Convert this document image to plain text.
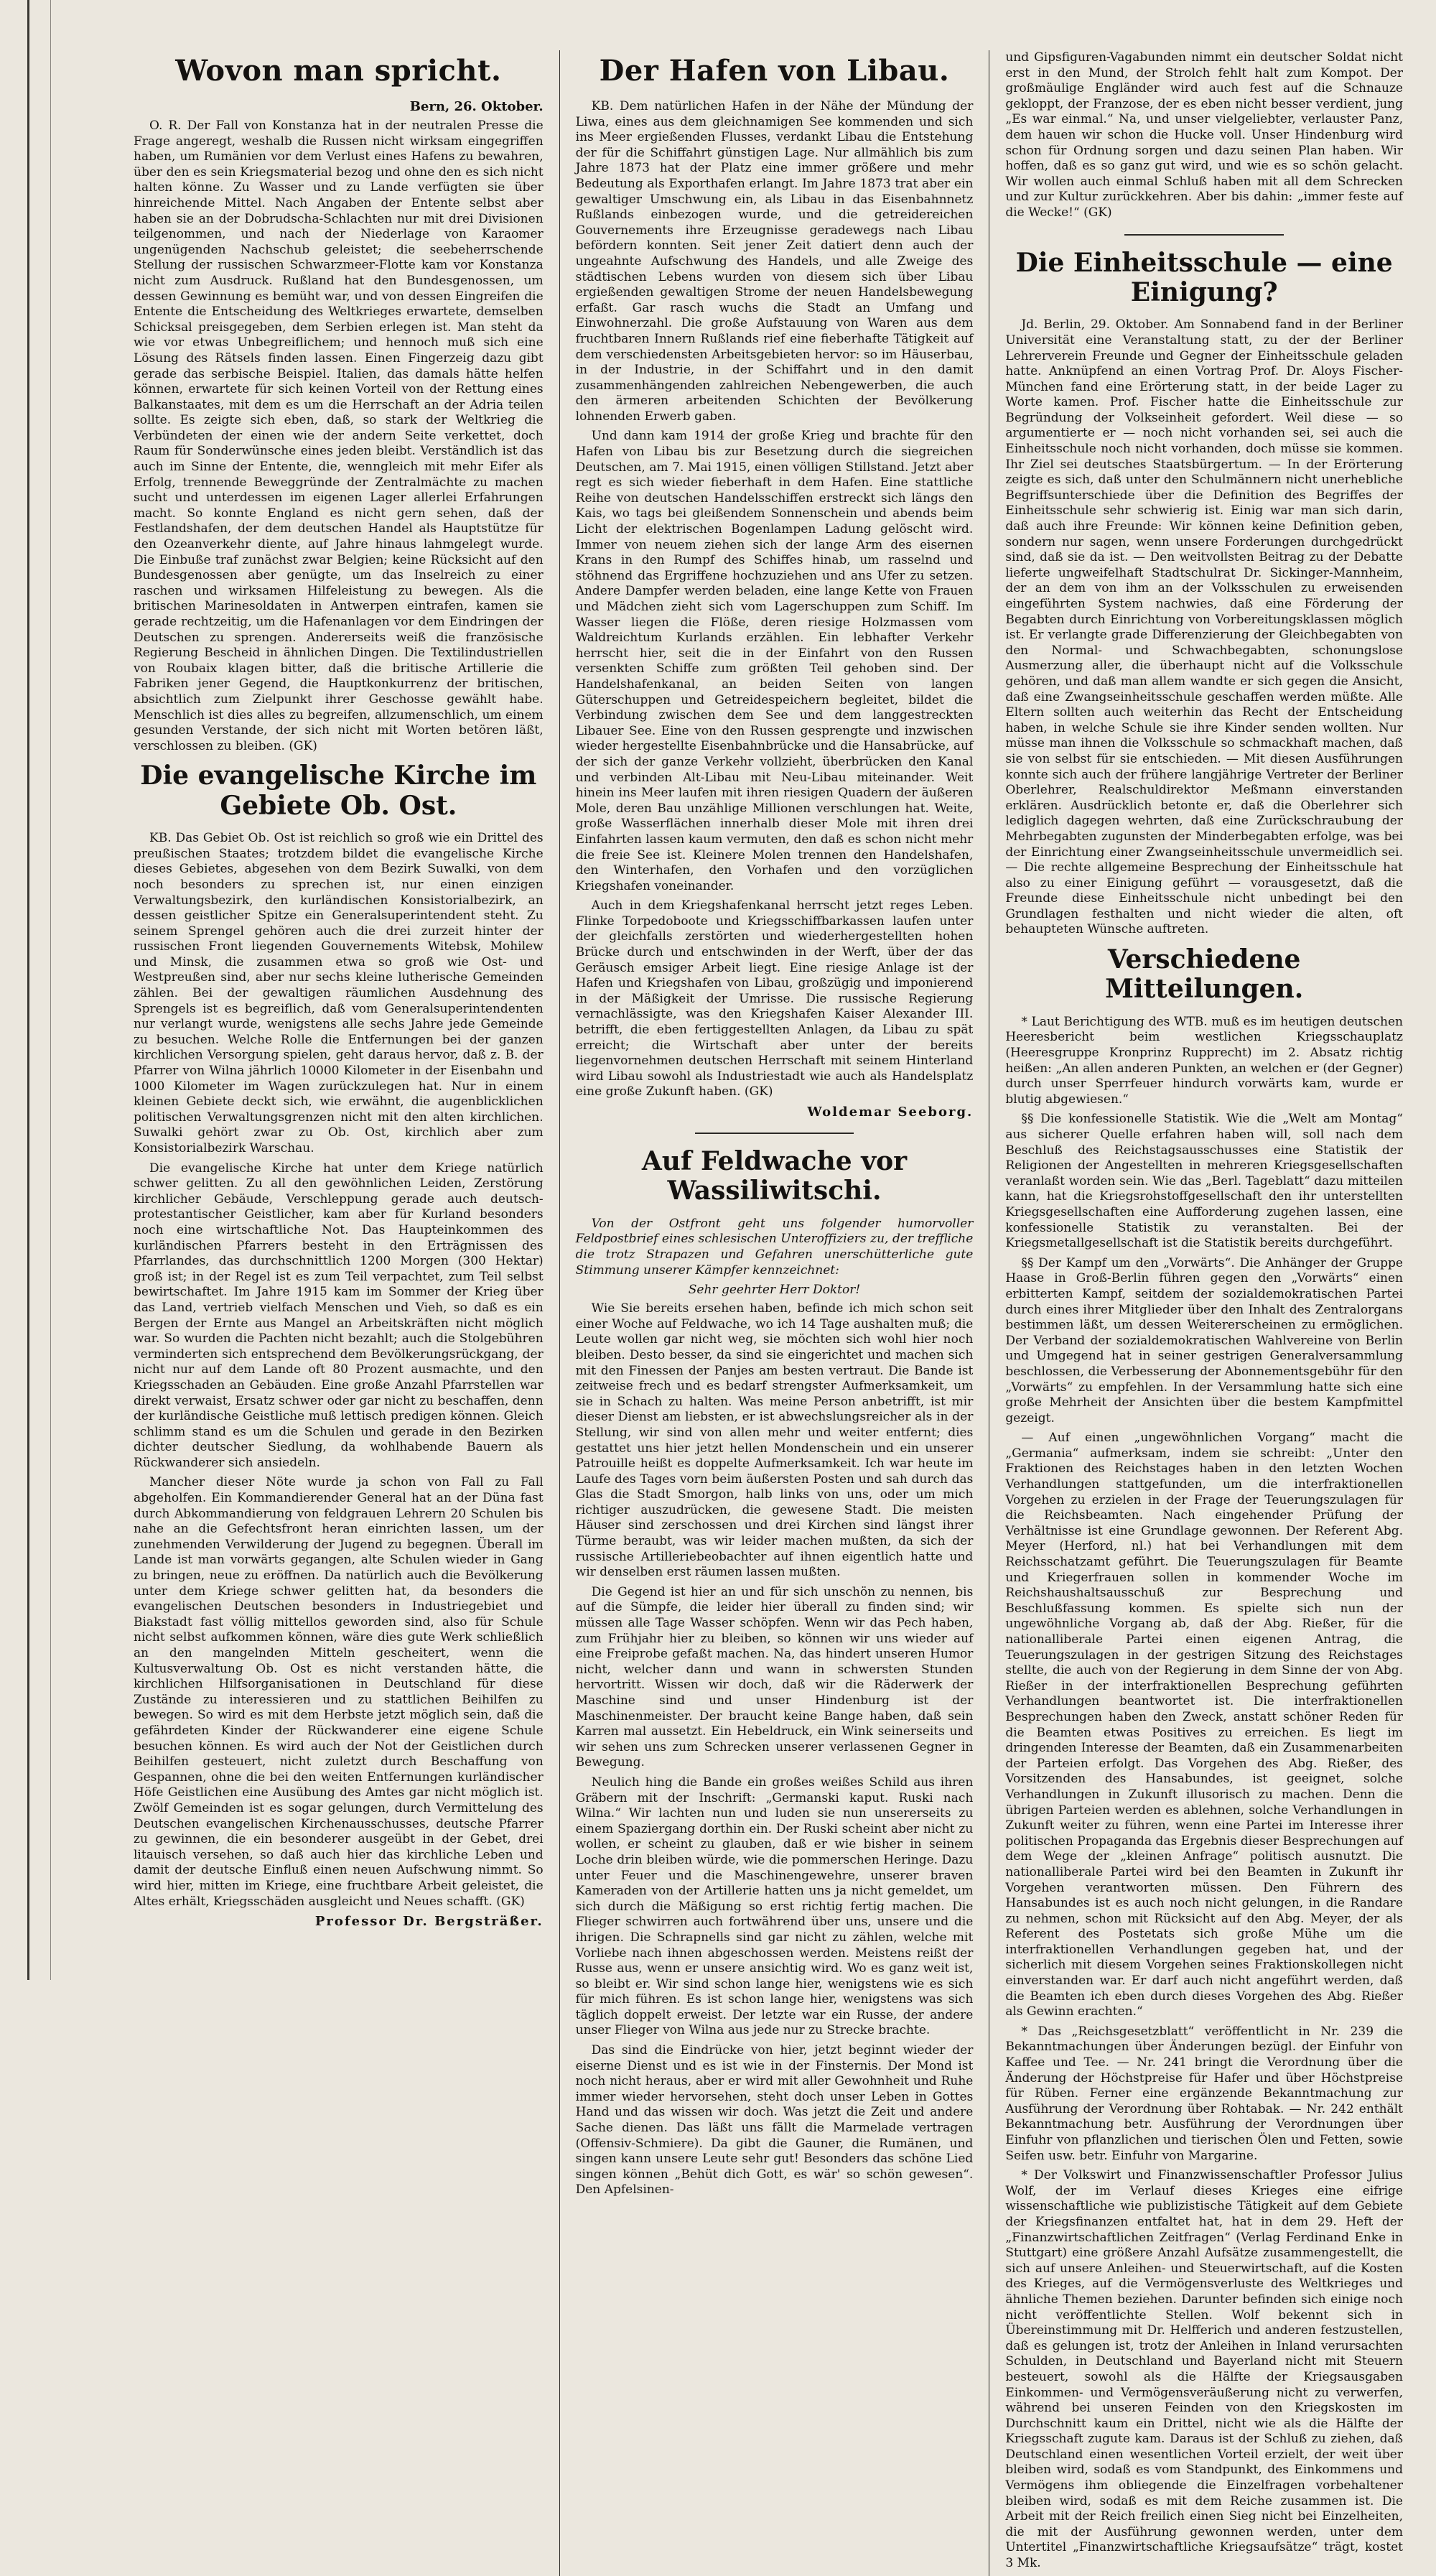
Wovon man spricht.
Bern, 26. Oktober.

O. R. Der Fall von Konstanza hat in der neutralen Presse die Frage angeregt, weshalb die Russen nicht wirksam eingegriffen haben, um Rumänien vor dem Verlust eines Hafens zu bewahren, über den es sein Kriegsmaterial bezog und ohne den es sich nicht halten könne. Zu Wasser und zu Lande verfügten sie über hinreichende Mittel. Nach Angaben der Entente selbst aber haben sie an der Dobrudscha-Schlachten nur mit drei Divisionen teilgenommen, und nach der Niederlage von Karaomer ungenügenden Nachschub geleistet; die seebeherrschende Stellung der russischen Schwarzmeer-Flotte kam vor Konstanza nicht zum Ausdruck. Rußland hat den Bundesgenossen, um dessen Gewinnung es bemüht war, und von dessen Eingreifen die Entente die Entscheidung des Weltkrieges erwartete, demselben Schicksal preisgegeben, dem Serbien erlegen ist. Man steht da wie vor etwas Unbegreiflichem; und hennoch muß sich eine Lösung des Rätsels finden lassen. Einen Fingerzeig dazu gibt gerade das serbische Beispiel. Italien, das damals hätte helfen können, erwartete für sich keinen Vorteil von der Rettung eines Balkanstaates, mit dem es um die Herrschaft an der Adria teilen sollte. Es zeigte sich eben, daß, so stark der Weltkrieg die Verbündeten der einen wie der andern Seite verkettet, doch Raum für Sonderwünsche eines jeden bleibt. Verständlich ist das auch im Sinne der Entente, die, wenngleich mit mehr Eifer als Erfolg, trennende Beweggründe der Zentralmächte zu machen sucht und unterdessen im eigenen Lager allerlei Erfahrungen macht. So konnte England es nicht gern sehen, daß der Festlandshafen, der dem deutschen Handel als Hauptstütze für den Ozeanverkehr diente, auf Jahre hinaus lahmgelegt wurde. Die Einbuße traf zunächst zwar Belgien; keine Rücksicht auf den Bundesgenossen aber genügte, um das Inselreich zu einer raschen und wirksamen Hilfeleistung zu bewegen. Als die britischen Marinesoldaten in Antwerpen eintrafen, kamen sie gerade rechtzeitig, um die Hafenanlagen vor dem Eindringen der Deutschen zu sprengen. Andererseits weiß die französische Regierung Bescheid in ähnlichen Dingen. Die Textilindustriellen von Roubaix klagen bitter, daß die britische Artillerie die Fabriken jener Gegend, die Hauptkonkurrenz der britischen, absichtlich zum Zielpunkt ihrer Geschosse gewählt habe. Menschlich ist dies alles zu begreifen, allzumenschlich, um einem gesunden Verstande, der sich nicht mit Worten betören läßt, verschlossen zu bleiben. (GK)

Die evangelische Kirche im Gebiete Ob. Ost.

KB. Das Gebiet Ob. Ost ist reichlich so groß wie ein Drittel des preußischen Staates; trotzdem bildet die evangelische Kirche dieses Gebietes, abgesehen von dem Bezirk Suwalki, von dem noch besonders zu sprechen ist, nur einen einzigen Verwaltungsbezirk, den kurländischen Konsistorialbezirk, an dessen geistlicher Spitze ein Generalsuperintendent steht. Zu seinem Sprengel gehören auch die drei zurzeit hinter der russischen Front liegenden Gouvernements Witebsk, Mohilew und Minsk, die zusammen etwa so groß wie Ost- und Westpreußen sind, aber nur sechs kleine lutherische Gemeinden zählen. Bei der gewaltigen räumlichen Ausdehnung des Sprengels ist es begreiflich, daß vom Generalsuperintendenten nur verlangt wurde, wenigstens alle sechs Jahre jede Gemeinde zu besuchen. Welche Rolle die Entfernungen bei der ganzen kirchlichen Versorgung spielen, geht daraus hervor, daß z. B. der Pfarrer von Wilna jährlich 10000 Kilometer in der Eisenbahn und 1000 Kilometer im Wagen zurückzulegen hat. Nur in einem kleinen Gebiete deckt sich, wie erwähnt, die augenblicklichen politischen Verwaltungsgrenzen nicht mit den alten kirchlichen. Suwalki gehört zwar zu Ob. Ost, kirchlich aber zum Konsistorialbezirk Warschau.

Die evangelische Kirche hat unter dem Kriege natürlich schwer gelitten. Zu all den gewöhnlichen Leiden, Zerstörung kirchlicher Gebäude, Verschleppung gerade auch deutsch-protestantischer Geistlicher, kam aber für Kurland besonders noch eine wirtschaftliche Not. Das Haupteinkommen des kurländischen Pfarrers besteht in den Erträgnissen des Pfarrlandes, das durchschnittlich 1200 Morgen (300 Hektar) groß ist; in der Regel ist es zum Teil verpachtet, zum Teil selbst bewirtschaftet. Im Jahre 1915 kam im Sommer der Krieg über das Land, vertrieb vielfach Menschen und Vieh, so daß es ein Bergen der Ernte aus Mangel an Arbeitskräften nicht möglich war. So wurden die Pachten nicht bezahlt; auch die Stolgebühren verminderten sich entsprechend dem Bevölkerungsrückgang, der nicht nur auf dem Lande oft 80 Prozent ausmachte, und den Kriegsschaden an Gebäuden. Eine große Anzahl Pfarrstellen war direkt verwaist, Ersatz schwer oder gar nicht zu beschaffen, denn der kurländische Geistliche muß lettisch predigen können. Gleich schlimm stand es um die Schulen und gerade in den Bezirken dichter deutscher Siedlung, da wohlhabende Bauern als Rückwanderer sich ansiedeln.

Mancher dieser Nöte wurde ja schon von Fall zu Fall abgeholfen. Ein Kommandierender General hat an der Düna fast durch Abkommandierung von feldgrauen Lehrern 20 Schulen bis nahe an die Gefechtsfront heran einrichten lassen, um der zunehmenden Verwilderung der Jugend zu begegnen. Überall im Lande ist man vorwärts gegangen, alte Schulen wieder in Gang zu bringen, neue zu eröffnen. Da natürlich auch die Bevölkerung unter dem Kriege schwer gelitten hat, da besonders die evangelischen Deutschen besonders in Industriegebiet und Biakstadt fast völlig mittellos geworden sind, also für Schule nicht selbst aufkommen können, wäre dies gute Werk schließlich an den mangelnden Mitteln gescheitert, wenn die Kultusverwaltung Ob. Ost es nicht verstanden hätte, die kirchlichen Hilfsorganisationen in Deutschland für diese Zustände zu interessieren und zu stattlichen Beihilfen zu bewegen. So wird es mit dem Herbste jetzt möglich sein, daß die gefährdeten Kinder der Rückwanderer eine eigene Schule besuchen können. Es wird auch der Not der Geistlichen durch Beihilfen gesteuert, nicht zuletzt durch Beschaffung von Gespannen, ohne die bei den weiten Entfernungen kurländischer Höfe Geistlichen eine Ausübung des Amtes gar nicht möglich ist. Zwölf Gemeinden ist es sogar gelungen, durch Vermittelung des Deutschen evangelischen Kirchenausschusses, deutsche Pfarrer zu gewinnen, die ein besonderer ausgeübt in der Gebet, drei litauisch versehen, so daß auch hier das kirchliche Leben und damit der deutsche Einfluß einen neuen Aufschwung nimmt. So wird hier, mitten im Kriege, eine fruchtbare Arbeit geleistet, die Altes erhält, Kriegsschäden ausgleicht und Neues schafft. (GK)

Professor Dr. Bergsträßer.
Der Hafen von Libau.

KB. Dem natürlichen Hafen in der Nähe der Mündung der Liwa, eines aus dem gleichnamigen See kommenden und sich ins Meer ergießenden Flusses, verdankt Libau die Entstehung der für die Schiffahrt günstigen Lage. Nur allmählich bis zum Jahre 1873 hat der Platz eine immer größere und mehr Bedeutung als Exporthafen erlangt. Im Jahre 1873 trat aber ein gewaltiger Umschwung ein, als Libau in das Eisenbahnnetz Rußlands einbezogen wurde, und die getreidereichen Gouvernements ihre Erzeugnisse geradewegs nach Libau befördern konnten. Seit jener Zeit datiert denn auch der ungeahnte Aufschwung des Handels, und alle Zweige des städtischen Lebens wurden von diesem sich über Libau ergießenden gewaltigen Strome der neuen Handelsbewegung erfaßt. Gar rasch wuchs die Stadt an Umfang und Einwohnerzahl. Die große Aufstauung von Waren aus dem fruchtbaren Innern Rußlands rief eine fieberhafte Tätigkeit auf dem verschiedensten Arbeitsgebieten hervor: so im Häuserbau, in der Industrie, in der Schiffahrt und in den damit zusammenhängenden zahlreichen Nebengewerben, die auch den ärmeren arbeitenden Schichten der Bevölkerung lohnenden Erwerb gaben.

Und dann kam 1914 der große Krieg und brachte für den Hafen von Libau bis zur Besetzung durch die siegreichen Deutschen, am 7. Mai 1915, einen völligen Stillstand. Jetzt aber regt es sich wieder fieberhaft in dem Hafen. Eine stattliche Reihe von deutschen Handelsschiffen erstreckt sich längs den Kais, wo tags bei gleißendem Sonnenschein und abends beim Licht der elektrischen Bogenlampen Ladung gelöscht wird. Immer von neuem ziehen sich der lange Arm des eisernen Krans in den Rumpf des Schiffes hinab, um rasselnd und stöhnend das Ergriffene hochzuziehen und ans Ufer zu setzen. Andere Dampfer werden beladen, eine lange Kette von Frauen und Mädchen zieht sich vom Lagerschuppen zum Schiff. Im Wasser liegen die Flöße, deren riesige Holzmassen vom Waldreichtum Kurlands erzählen. Ein lebhafter Verkehr herrscht hier, seit die in der Einfahrt von den Russen versenkten Schiffe zum größten Teil gehoben sind. Der Handelshafenkanal, an beiden Seiten von langen Güterschuppen und Getreidespeichern begleitet, bildet die Verbindung zwischen dem See und dem langgestreckten Libauer See. Eine von den Russen gesprengte und inzwischen wieder hergestellte Eisenbahnbrücke und die Hansabrücke, auf der sich der ganze Verkehr vollzieht, überbrücken den Kanal und verbinden Alt-Libau mit Neu-Libau miteinander. Weit hinein ins Meer laufen mit ihren riesigen Quadern der äußeren Mole, deren Bau unzählige Millionen verschlungen hat. Weite, große Wasserflächen innerhalb dieser Mole mit ihren drei Einfahrten lassen kaum vermuten, den daß es schon nicht mehr die freie See ist. Kleinere Molen trennen den Handelshafen, den Winterhafen, den Vorhafen und den vorzüglichen Kriegshafen voneinander.

Auch in dem Kriegshafenkanal herrscht jetzt reges Leben. Flinke Torpedoboote und Kriegsschiffbarkassen laufen unter der gleichfalls zerstörten und wiederhergestellten hohen Brücke durch und entschwinden in der Werft, über der das Geräusch emsiger Arbeit liegt. Eine riesige Anlage ist der Hafen und Kriegshafen von Libau, großzügig und imponierend in der Mäßigkeit der Umrisse. Die russische Regierung vernachlässigte, was den Kriegshafen Kaiser Alexander III. betrifft, die eben fertiggestellten Anlagen, da Libau zu spät erreicht; die Wirtschaft aber unter der bereits liegenvornehmen deutschen Herrschaft mit seinem Hinterland wird Libau sowohl als Industriestadt wie auch als Handelsplatz eine große Zukunft haben. (GK)

Woldemar Seeborg.
Auf Feldwache vor Wassiliwitschi.

Von der Ostfront geht uns folgender humorvoller Feldpostbrief eines schlesischen Unteroffiziers zu, der treffliche die trotz Strapazen und Gefahren unerschütterliche gute Stimmung unserer Kämpfer kennzeichnet:

Sehr geehrter Herr Doktor!

Wie Sie bereits ersehen haben, befinde ich mich schon seit einer Woche auf Feldwache, wo ich 14 Tage aushalten muß; die Leute wollen gar nicht weg, sie möchten sich wohl hier noch bleiben. Desto besser, da sind sie eingerichtet und machen sich mit den Finessen der Panjes am besten vertraut. Die Bande ist zeitweise frech und es bedarf strengster Aufmerksamkeit, um sie in Schach zu halten. Was meine Person anbetrifft, ist mir dieser Dienst am liebsten, er ist abwechslungsreicher als in der Stellung, wir sind von allen mehr und weiter entfernt; dies gestattet uns hier jetzt hellen Mondenschein und ein unserer Patrouille heißt es doppelte Aufmerksamkeit. Ich war heute im Laufe des Tages vorn beim äußersten Posten und sah durch das Glas die Stadt Smorgon, halb links von uns, oder um mich richtiger auszudrücken, die gewesene Stadt. Die meisten Häuser sind zerschossen und drei Kirchen sind längst ihrer Türme beraubt, was wir leider machen mußten, da sich der russische Artilleriebeobachter auf ihnen eigentlich hatte und wir denselben erst räumen lassen mußten.

Die Gegend ist hier an und für sich unschön zu nennen, bis auf die Sümpfe, die leider hier überall zu finden sind; wir müssen alle Tage Wasser schöpfen. Wenn wir das Pech haben, zum Frühjahr hier zu bleiben, so können wir uns wieder auf eine Freiprobe gefaßt machen. Na, das hindert unseren Humor nicht, welcher dann und wann in schwersten Stunden hervortritt. Wissen wir doch, daß wir die Räderwerk der Maschine sind und unser Hindenburg ist der Maschinenmeister. Der braucht keine Bange haben, daß sein Karren mal aussetzt. Ein Hebeldruck, ein Wink seinerseits und wir sehen uns zum Schrecken unserer verlassenen Gegner in Bewegung.

Neulich hing die Bande ein großes weißes Schild aus ihren Gräbern mit der Inschrift: „Germanski kaput. Ruski nach Wilna.“ Wir lachten nun und luden sie nun unsererseits zu einem Spaziergang dorthin ein. Der Ruski scheint aber nicht zu wollen, er scheint zu glauben, daß er wie bisher in seinem Loche drin bleiben würde, wie die pommerschen Heringe. Dazu unter Feuer und die Maschinengewehre, unserer braven Kameraden von der Artillerie hatten uns ja nicht gemeldet, um sich durch die Mäßigung so erst richtig fertig machen. Die Flieger schwirren auch fortwährend über uns, unsere und die ihrigen. Die Schrapnells sind gar nicht zu zählen, welche mit Vorliebe nach ihnen abgeschossen werden. Meistens reißt der Russe aus, wenn er unsere ansichtig wird. Wo es ganz weit ist, so bleibt er. Wir sind schon lange hier, wenigstens wie es sich für mich führen. Es ist schon lange hier, wenigstens was sich täglich doppelt erweist. Der letzte war ein Russe, der andere unser Flieger von Wilna aus jede nur zu Strecke brachte.

Das sind die Eindrücke von hier, jetzt beginnt wieder der eiserne Dienst und es ist wie in der Finsternis. Der Mond ist noch nicht heraus, aber er wird mit aller Gewohnheit und Ruhe immer wieder hervorsehen, steht doch unser Leben in Gottes Hand und das wissen wir doch. Was jetzt die Zeit und andere Sache dienen. Das läßt uns fällt die Marmelade vertragen (Offensiv-Schmiere). Da gibt die Gauner, die Rumänen, und singen kann unsere Leute sehr gut! Besonders das schöne Lied singen können „Behüt dich Gott, es wär' so schön gewesen“. Den Apfelsinen-

und Gipsfiguren-Vagabunden nimmt ein deutscher Soldat nicht erst in den Mund, der Strolch fehlt halt zum Kompot. Der großmäulige Engländer wird auch fest auf die Schnauze gekloppt, der Franzose, der es eben nicht besser verdient, jung „Es war einmal.“ Na, und unser vielgeliebter, verlauster Panz, dem hauen wir schon die Hucke voll. Unser Hindenburg wird schon für Ordnung sorgen und dazu seinen Plan haben. Wir hoffen, daß es so ganz gut wird, und wie es so schön gelacht. Wir wollen auch einmal Schluß haben mit all dem Schrecken und zur Kultur zurückkehren. Aber bis dahin: „immer feste auf die Wecke!“ (GK)

Die Einheitsschule — eine Einigung?

Jd. Berlin, 29. Oktober. Am Sonnabend fand in der Berliner Universität eine Veranstaltung statt, zu der der Berliner Lehrerverein Freunde und Gegner der Einheitsschule geladen hatte. Anknüpfend an einen Vortrag Prof. Dr. Aloys Fischer-München fand eine Erörterung statt, in der beide Lager zu Worte kamen. Prof. Fischer hatte die Einheitsschule zur Begründung der Volkseinheit gefordert. Weil diese — so argumentierte er — noch nicht vorhanden sei, sei auch die Einheitsschule noch nicht vorhanden, doch müsse sie kommen. Ihr Ziel sei deutsches Staatsbürgertum. — In der Erörterung zeigte es sich, daß unter den Schulmännern nicht unerhebliche Begriffsunterschiede über die Definition des Begriffes der Einheitsschule sehr schwierig ist. Einig war man sich darin, daß auch ihre Freunde: Wir können keine Definition geben, sondern nur sagen, wenn unsere Forderungen durchgedrückt sind, daß sie da ist. — Den weitvollsten Beitrag zu der Debatte lieferte ungweifelhaft Stadtschulrat Dr. Sickinger-Mannheim, der an dem von ihm an der Volksschulen zu erweisenden eingeführten System nachwies, daß eine Förderung der Begabten durch Einrichtung von Vorbereitungsklassen möglich ist. Er verlangte grade Differenzierung der Gleichbegabten von den Normal- und Schwachbegabten, schonungslose Ausmerzung aller, die überhaupt nicht auf die Volksschule gehören, und daß man allem wandte er sich gegen die Ansicht, daß eine Zwangseinheitsschule geschaffen werden müßte. Alle Eltern sollten auch weiterhin das Recht der Entscheidung haben, in welche Schule sie ihre Kinder senden wollten. Nur müsse man ihnen die Volksschule so schmackhaft machen, daß sie von selbst für sie entschieden. — Mit diesen Ausführungen konnte sich auch der frühere langjährige Vertreter der Berliner Oberlehrer, Realschuldirektor Meßmann einverstanden erklären. Ausdrücklich betonte er, daß die Oberlehrer sich lediglich dagegen wehrten, daß eine Zurückschraubung der Mehrbegabten zugunsten der Minderbegabten erfolge, was bei der Einrichtung einer Zwangseinheitsschule unvermeidlich sei. — Die rechte allgemeine Besprechung der Einheitsschule hat also zu einer Einigung geführt — vorausgesetzt, daß die Freunde diese Einheitsschule nicht unbedingt bei den Grundlagen festhalten und nicht wieder die alten, oft behaupteten Wünsche auftreten.

Verschiedene Mitteilungen.

* Laut Berichtigung des WTB. muß es im heutigen deutschen Heeresbericht beim westlichen Kriegsschauplatz (Heeresgruppe Kronprinz Rupprecht) im 2. Absatz richtig heißen: „An allen anderen Punkten, an welchen er (der Gegner) durch unser Sperrfeuer hindurch vorwärts kam, wurde er blutig abgewiesen.“

§§ Die konfessionelle Statistik. Wie die „Welt am Montag“ aus sicherer Quelle erfahren haben will, soll nach dem Beschluß des Reichstagsausschusses eine Statistik der Religionen der Angestellten in mehreren Kriegsgesellschaften veranlaßt worden sein. Wie das „Berl. Tageblatt“ dazu mitteilen kann, hat die Kriegsrohstoffgesellschaft den ihr unterstellten Kriegsgesellschaften eine Aufforderung zugehen lassen, eine konfessionelle Statistik zu veranstalten. Bei der Kriegsmetallgesellschaft ist die Statistik bereits durchgeführt.

§§ Der Kampf um den „Vorwärts“. Die Anhänger der Gruppe Haase in Groß-Berlin führen gegen den „Vorwärts“ einen erbitterten Kampf, seitdem der sozialdemokratischen Partei durch eines ihrer Mitglieder über den Inhalt des Zentralorgans bestimmen läßt, um dessen Weitererscheinen zu ermöglichen. Der Verband der sozialdemokratischen Wahlvereine von Berlin und Umgegend hat in seiner gestrigen Generalversammlung beschlossen, die Verbesserung der Abonnementsgebühr für den „Vorwärts“ zu empfehlen. In der Versammlung hatte sich eine große Mehrheit der Ansichten über die bestem Kampfmittel gezeigt.

— Auf einen „ungewöhnlichen Vorgang“ macht die „Germania“ aufmerksam, indem sie schreibt: „Unter den Fraktionen des Reichstages haben in den letzten Wochen Verhandlungen stattgefunden, um die interfraktionellen Vorgehen zu erzielen in der Frage der Teuerungszulagen für die Reichsbeamten. Nach eingehender Prüfung der Verhältnisse ist eine Grundlage gewonnen. Der Referent Abg. Meyer (Herford, nl.) hat bei Verhandlungen mit dem Reichsschatzamt geführt. Die Teuerungszulagen für Beamte und Kriegerfrauen sollen in kommender Woche im Reichshaushaltsausschuß zur Besprechung und Beschlußfassung kommen. Es spielte sich nun der ungewöhnliche Vorgang ab, daß der Abg. Rießer, für die nationalliberale Partei einen eigenen Antrag, die Teuerungszulagen in der gestrigen Sitzung des Reichstages stellte, die auch von der Regierung in dem Sinne der von Abg. Rießer in der interfraktionellen Besprechung geführten Verhandlungen beantwortet ist. Die interfraktionellen Besprechungen haben den Zweck, anstatt schöner Reden für die Beamten etwas Positives zu erreichen. Es liegt im dringenden Interesse der Beamten, daß ein Zusammenarbeiten der Parteien erfolgt. Das Vorgehen des Abg. Rießer, des Vorsitzenden des Hansabundes, ist geeignet, solche Verhandlungen in Zukunft illusorisch zu machen. Denn die übrigen Parteien werden es ablehnen, solche Verhandlungen in Zukunft weiter zu führen, wenn eine Partei im Interesse ihrer politischen Propaganda das Ergebnis dieser Besprechungen auf dem Wege der „kleinen Anfrage“ politisch ausnutzt. Die nationalliberale Partei wird bei den Beamten in Zukunft ihr Vorgehen verantworten müssen. Den Führern des Hansabundes ist es auch noch nicht gelungen, in die Randare zu nehmen, schon mit Rücksicht auf den Abg. Meyer, der als Referent des Postetats sich große Mühe um die interfraktionellen Verhandlungen gegeben hat, und der sicherlich mit diesem Vorgehen seines Fraktionskollegen nicht einverstanden war. Er darf auch nicht angeführt werden, daß die Beamten ich eben durch dieses Vorgehen des Abg. Rießer als Gewinn erachten.“

* Das „Reichsgesetzblatt“ veröffentlicht in Nr. 239 die Bekanntmachungen über Änderungen bezügl. der Einfuhr von Kaffee und Tee. — Nr. 241 bringt die Verordnung über die Änderung der Höchstpreise für Hafer und über Höchstpreise für Rüben. Ferner eine ergänzende Bekanntmachung zur Ausführung der Verordnung über Rohtabak. — Nr. 242 enthält Bekanntmachung betr. Ausführung der Verordnungen über Einfuhr von pflanzlichen und tierischen Ölen und Fetten, sowie Seifen usw. betr. Einfuhr von Margarine.

* Der Volkswirt und Finanzwissenschaftler Professor Julius Wolf, der im Verlauf dieses Krieges eine eifrige wissenschaftliche wie publizistische Tätigkeit auf dem Gebiete der Kriegsfinanzen entfaltet hat, hat in dem 29. Heft der „Finanzwirtschaftlichen Zeitfragen“ (Verlag Ferdinand Enke in Stuttgart) eine größere Anzahl Aufsätze zusammengestellt, die sich auf unsere Anleihen- und Steuerwirtschaft, auf die Kosten des Krieges, auf die Vermögensverluste des Weltkrieges und ähnliche Themen beziehen. Darunter befinden sich einige noch nicht veröffentlichte Stellen. Wolf bekennt sich in Übereinstimmung mit Dr. Helfferich und anderen festzustellen, daß es gelungen ist, trotz der Anleihen in Inland verursachten Schulden, in Deutschland und Bayerland nicht mit Steuern besteuert, sowohl als die Hälfte der Kriegsausgaben Einkommen- und Vermögensveräußerung nicht zu verwerfen, während bei unseren Feinden von den Kriegskosten im Durchschnitt kaum ein Drittel, nicht wie als die Hälfte der Kriegsschaft zugute kam. Daraus ist der Schluß zu ziehen, daß Deutschland einen wesentlichen Vorteil erzielt, der weit über bleiben wird, sodaß es vom Standpunkt, des Einkommens und Vermögens ihm obliegende die Einzelfragen vorbehaltener bleiben wird, sodaß es mit dem Reiche zusammen ist. Die Arbeit mit der Reich freilich einen Sieg nicht bei Einzelheiten, die mit der Ausführung gewonnen werden, unter dem Untertitel „Finanzwirtschaftliche Kriegsaufsätze“ trägt, kostet 3 Mk.
